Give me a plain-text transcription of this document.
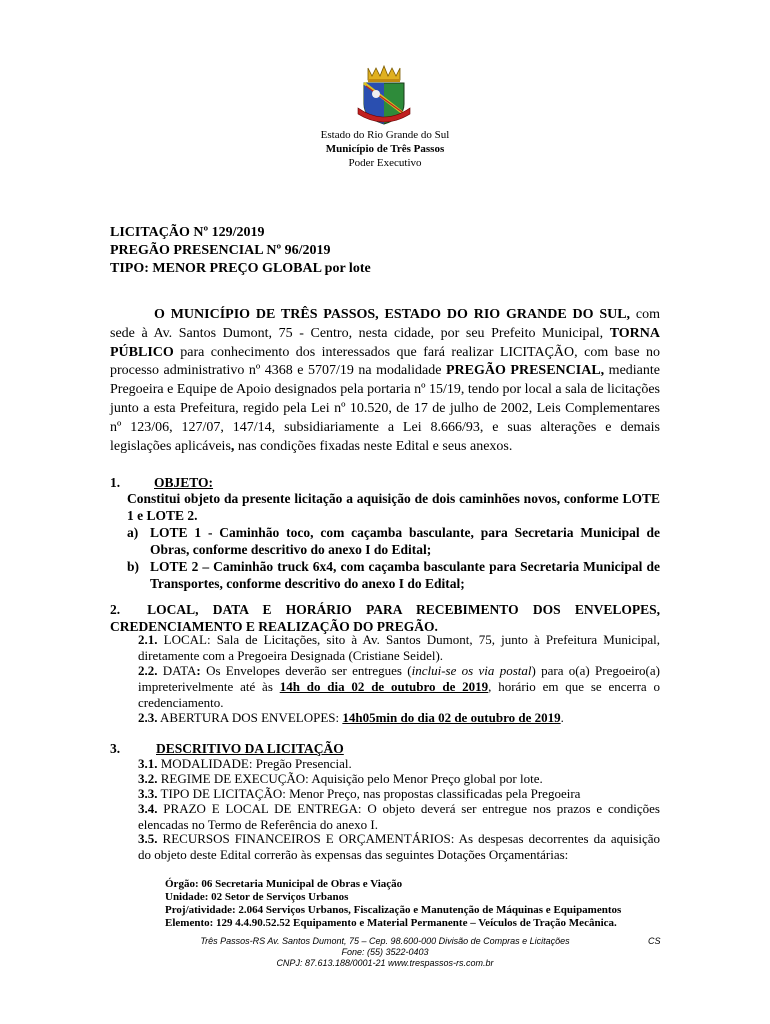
Estado do Rio Grande do Sul
Município de Três Passos
Poder Executivo
LICITAÇÃO Nº 129/2019
PREGÃO PRESENCIAL Nº 96/2019
TIPO: MENOR PREÇO GLOBAL por lote
O MUNICÍPIO DE TRÊS PASSOS, ESTADO DO RIO GRANDE DO SUL, com sede à Av. Santos Dumont, 75 - Centro, nesta cidade, por seu Prefeito Municipal, TORNA PÚBLICO para conhecimento dos interessados que fará realizar LICITAÇÃO, com base no processo administrativo nº 4368 e 5707/19 na modalidade PREGÃO PRESENCIAL, mediante Pregoeira e Equipe de Apoio designados pela portaria nº 15/19, tendo por local a sala de licitações junto a esta Prefeitura, regido pela Lei nº 10.520, de 17 de julho de 2002, Leis Complementares nº 123/06, 127/07, 147/14, subsidiariamente a Lei 8.666/93, e suas alterações e demais legislações aplicáveis, nas condições fixadas neste Edital e seus anexos.
1.	OBJETO:
Constitui objeto da presente licitação a aquisição de dois caminhões novos, conforme LOTE 1 e LOTE 2.
a) LOTE 1 - Caminhão toco, com caçamba basculante, para Secretaria Municipal de Obras, conforme descritivo do anexo I do Edital;
b) LOTE 2 – Caminhão truck 6x4, com caçamba basculante para Secretaria Municipal de Transportes, conforme descritivo do anexo I do Edital;
2.  LOCAL, DATA E HORÁRIO PARA RECEBIMENTO DOS ENVELOPES, CREDENCIAMENTO E REALIZAÇÃO DO PREGÃO.
2.1. LOCAL: Sala de Licitações, sito à Av. Santos Dumont, 75, junto à Prefeitura Municipal, diretamente com a Pregoeira Designada (Cristiane Seidel).
2.2. DATA: Os Envelopes deverão ser entregues (inclui-se os via postal) para o(a) Pregoeiro(a) impreterivelmente até às 14h do dia 02 de outubro de 2019, horário em que se encerra o credenciamento.
2.3. ABERTURA DOS ENVELOPES: 14h05min do dia 02 de outubro de 2019.
3.	DESCRITIVO DA LICITAÇÃO
3.1. MODALIDADE: Pregão Presencial.
3.2. REGIME DE EXECUÇÃO: Aquisição pelo Menor Preço global por lote.
3.3. TIPO DE LICITAÇÃO: Menor Preço, nas propostas classificadas pela Pregoeira
3.4. PRAZO E LOCAL DE ENTREGA: O objeto deverá ser entregue nos prazos e condições elencadas no Termo de Referência do anexo I.
3.5. RECURSOS FINANCEIROS E ORÇAMENTÁRIOS: As despesas decorrentes da aquisição do objeto deste Edital correrão às expensas das seguintes Dotações Orçamentárias:
Órgão: 06 Secretaria Municipal de Obras e Viação
Unidade: 02 Setor de Serviços Urbanos
Proj/atividade: 2.064 Serviços Urbanos, Fiscalização e Manutenção de Máquinas e Equipamentos
Elemento: 129 4.4.90.52.52 Equipamento e Material Permanente – Veículos de Tração Mecânica.
Três Passos-RS Av. Santos Dumont, 75 – Cep. 98.600-000 Divisão de Compras e Licitações	CS
Fone: (55) 3522-0403
CNPJ: 87.613.188/0001-21 www.trespassos-rs.com.br
